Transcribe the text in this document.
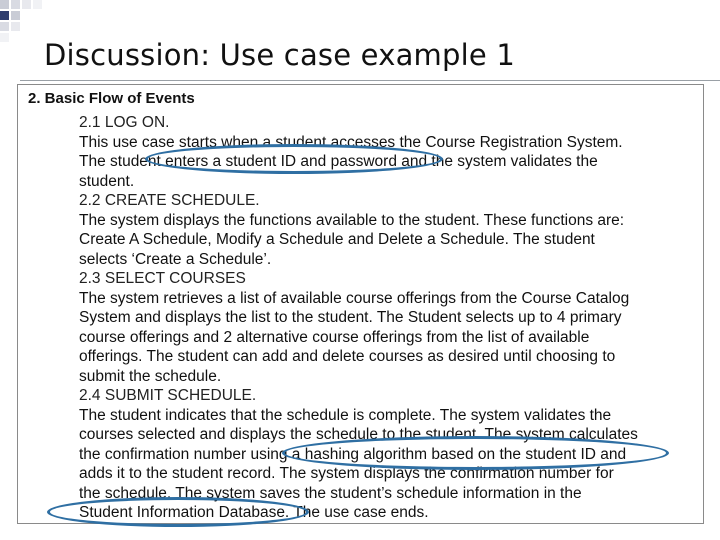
Discussion: Use case example 1
2. Basic Flow of Events
2.1 LOG ON.
This use case starts when a student accesses the Course Registration System.
The student enters a student ID and password and the system validates the
student.
2.2 CREATE SCHEDULE.
The system displays the functions available to the student. These functions are:
Create A Schedule, Modify a Schedule and Delete a Schedule. The student
selects ‘Create a Schedule’.
2.3 SELECT COURSES
The system retrieves a list of available course offerings from the Course Catalog
System and displays the list to the student. The Student selects up to 4 primary
course offerings and 2 alternative course offerings from the list of available
offerings. The student can add and delete courses as desired until choosing to
submit the schedule.
2.4 SUBMIT SCHEDULE.
The student indicates that the schedule is complete. The system validates the
courses selected and displays the schedule to the student. The system calculates
the confirmation number using a hashing algorithm based on the student ID and
adds it to the student record. The system displays the confirmation number for
the schedule. The system saves the student’s schedule information in the
Student Information Database. The use case ends.
